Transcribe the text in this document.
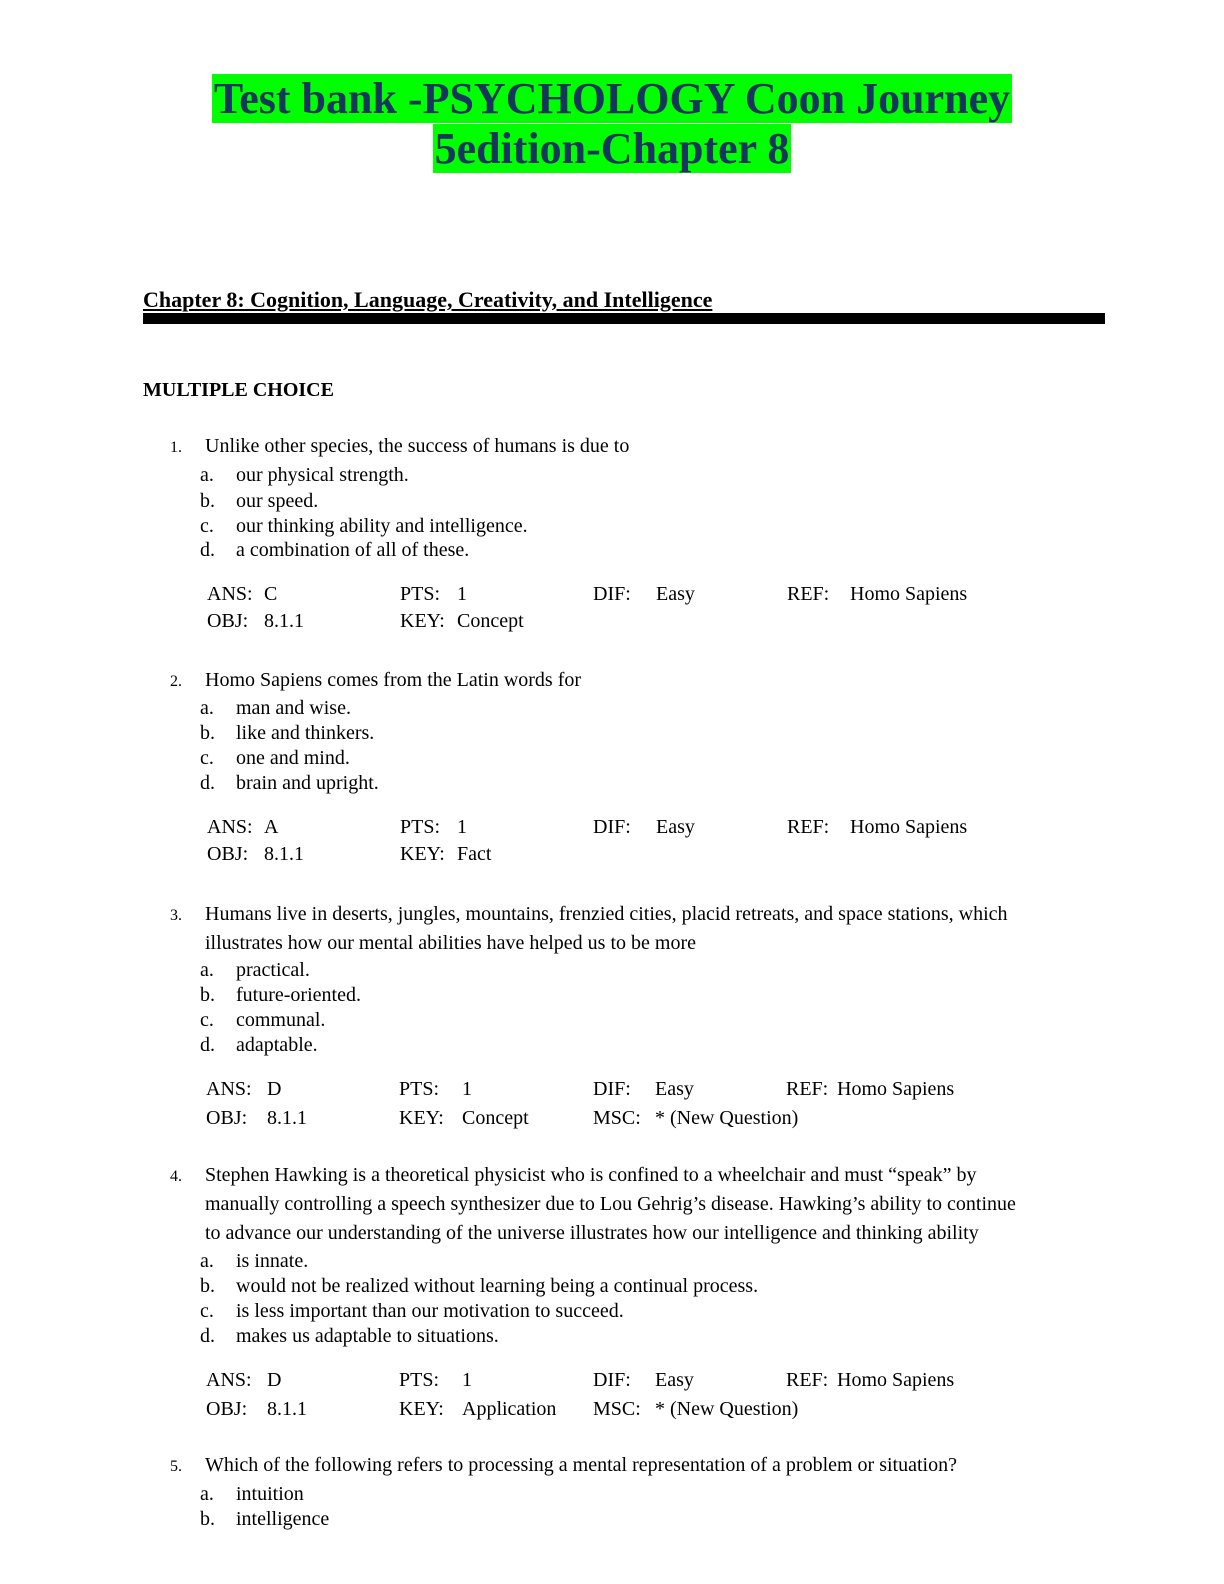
Test bank -PSYCHOLOGY Coon Journey
5edition-Chapter 8
Chapter 8: Cognition, Language, Creativity, and Intelligence
MULTIPLE CHOICE
1. Unlike other species, the success of humans is due to
a. our physical strength.
b. our speed.
c. our thinking ability and intelligence.
d. a combination of all of these.
ANS: C	PTS: 1	DIF: Easy	REF: Homo Sapiens
OBJ: 8.1.1	KEY: Concept
2. Homo Sapiens comes from the Latin words for
a. man and wise.
b. like and thinkers.
c. one and mind.
d. brain and upright.
ANS: A	PTS: 1	DIF: Easy	REF: Homo Sapiens
OBJ: 8.1.1	KEY: Fact
3. Humans live in deserts, jungles, mountains, frenzied cities, placid retreats, and space stations, which
illustrates how our mental abilities have helped us to be more
a. practical.
b. future-oriented.
c. communal.
d. adaptable.
ANS: D	PTS: 1	DIF: Easy	REF: Homo Sapiens
OBJ: 8.1.1	KEY: Concept	MSC: * (New Question)
4. Stephen Hawking is a theoretical physicist who is confined to a wheelchair and must “speak” by
manually controlling a speech synthesizer due to Lou Gehrig’s disease. Hawking’s ability to continue
to advance our understanding of the universe illustrates how our intelligence and thinking ability
a. is innate.
b. would not be realized without learning being a continual process.
c. is less important than our motivation to succeed.
d. makes us adaptable to situations.
ANS: D	PTS: 1	DIF: Easy	REF: Homo Sapiens
OBJ: 8.1.1	KEY: Application MSC: * (New Question)
5. Which of the following refers to processing a mental representation of a problem or situation?
a. intuition
b. intelligence
